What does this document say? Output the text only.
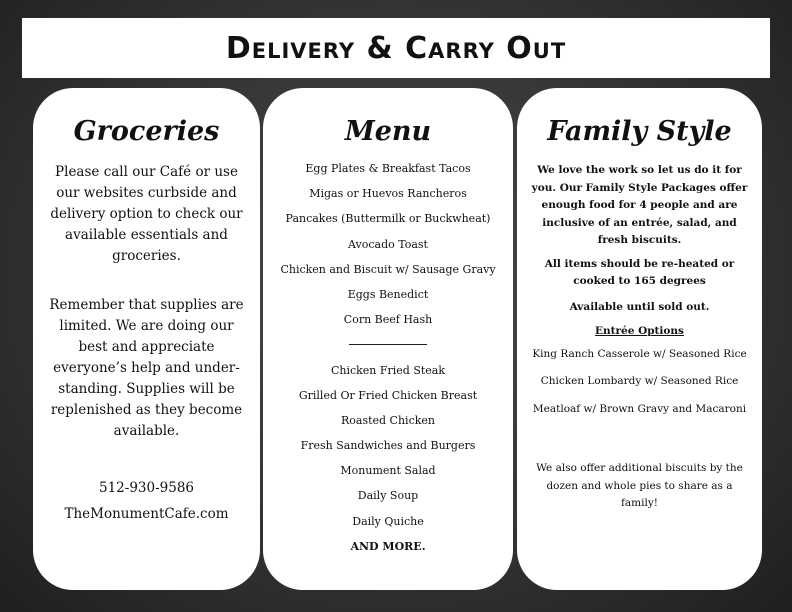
Delivery & Carry Out
Groceries
Please call our Café or use our websites curbside and delivery option to check our available essentials and groceries.
Remember that supplies are limited. We are doing our best and appreciate everyone’s help and under-standing. Supplies will be replenished as they become available.
512-930-9586
TheMonumentCafe.com
Menu
Egg Plates & Breakfast Tacos
Migas or Huevos Rancheros
Pancakes (Buttermilk or Buckwheat)
Avocado Toast
Chicken and Biscuit w/ Sausage Gravy
Eggs Benedict
Corn Beef Hash
Chicken Fried Steak
Grilled Or Fried Chicken Breast
Roasted Chicken
Fresh Sandwiches and Burgers
Monument Salad
Daily Soup
Daily Quiche
AND MORE.
Family Style
We love the work so let us do it for you. Our Family Style Packages offer enough food for 4 people and are inclusive of an entrée, salad, and fresh biscuits.
All items should be re-heated or cooked to 165 degrees
Available until sold out.
Entrée Options
King Ranch Casserole w/ Seasoned Rice
Chicken Lombardy w/ Seasoned Rice
Meatloaf w/ Brown Gravy and Macaroni
We also offer additional biscuits by the dozen and whole pies to share as a family!
